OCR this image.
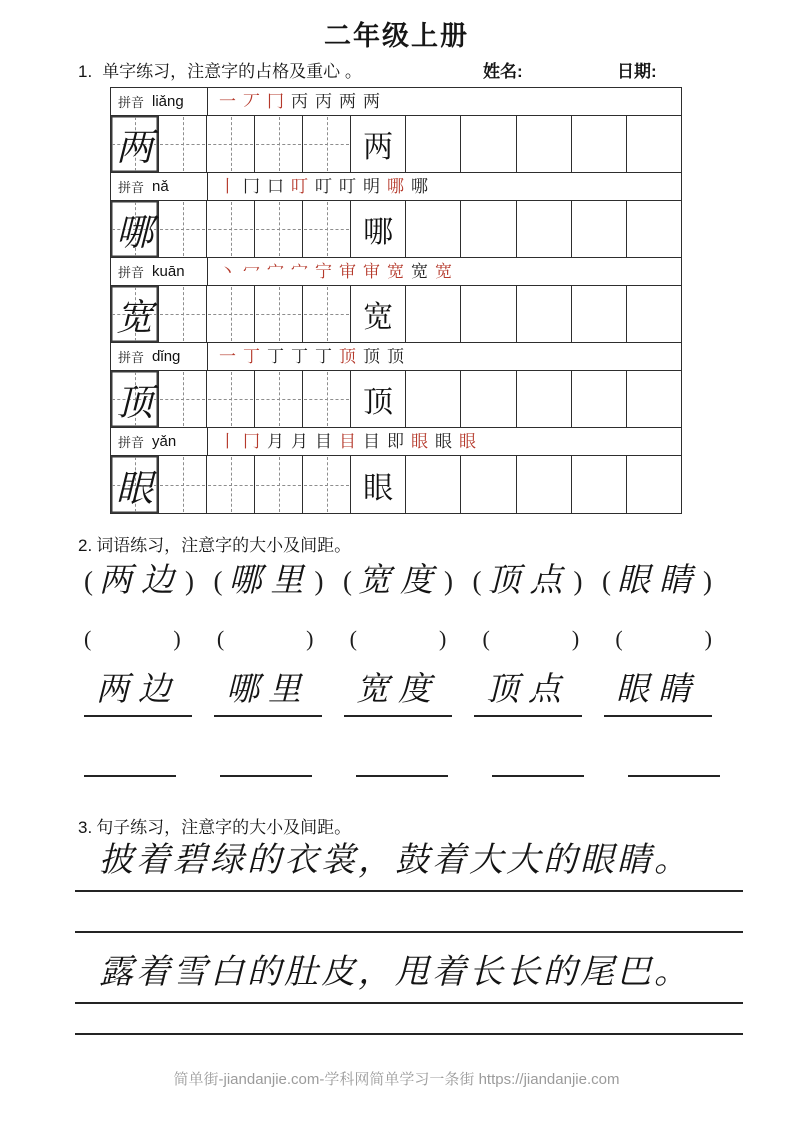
二年级上册
1. 单字练习，注意字的占格及重心 。	姓名:	日期:
拼音 liǎng 一 丆 冂 丙 丙 两 两
两	两
拼音 nǎ	丨 冂 口 叮 叮 叮 明 哪 哪
哪	哪
拼音 kuān 丶 冖 宀 宀 宁 审 审 宽 宽 宽
宽	宽
拼音 dǐng 一 丁 丁 丁 丁 顶 顶 顶
顶	顶
拼音 yǎn	丨 冂 月 月 目 目 目 即 眼 眼 眼
眼	眼
2. 词语练习，注意字的大小及间距。
( 两边 ) ( 哪里 ) ( 宽度 ) ( 顶点 ) ( 眼睛 )
(	) (	) (	) (	) (	)
两边 哪里 宽度 顶点 眼睛
3. 句子练习，注意字的大小及间距。
披着碧绿的衣裳，鼓着大大的眼睛。
露着雪白的肚皮，甩着长长的尾巴。
简单街-jiandanjie.com-学科网简单学习一条街 https://jiandanjie.com
